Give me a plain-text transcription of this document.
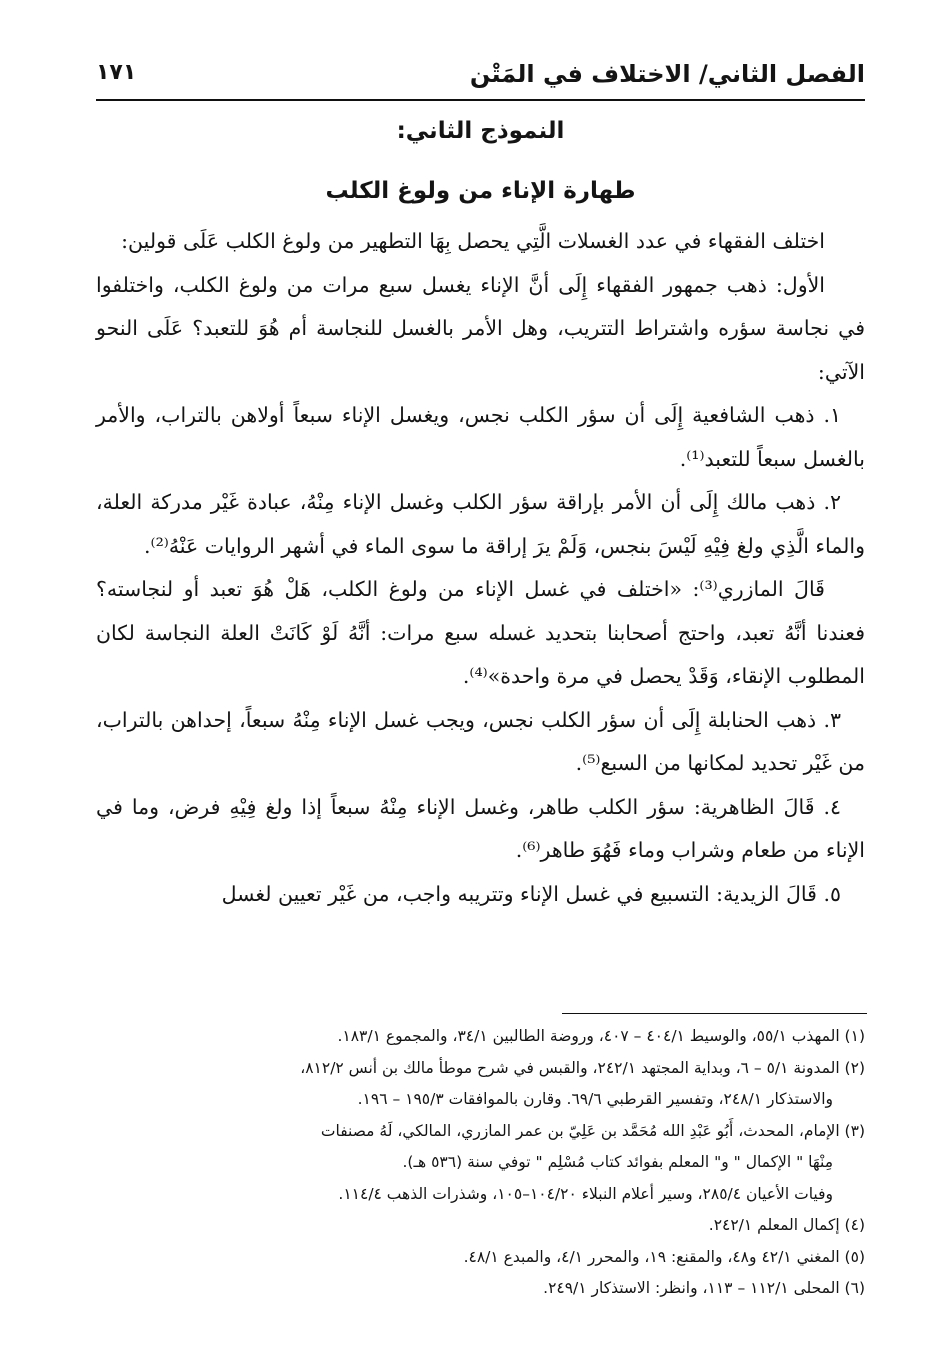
الفصل الثاني/ الاختلاف في المَتْن
١٧١
النموذج الثاني:
طهارة الإناء من ولوغ الكلب

اختلف الفقهاء في عدد الغسلات الَّتِي يحصل بِهَا التطهير من ولوغ الكلب عَلَى قولين:

الأول: ذهب جمهور الفقهاء إِلَى أنَّ الإناء يغسل سبع مرات من ولوغ الكلب، واختلفوا في نجاسة سؤره واشتراط التتريب، وهل الأمر بالغسل للنجاسة أم هُوَ للتعبد؟ عَلَى النحو الآتي:

١. ذهب الشافعية إِلَى أن سؤر الكلب نجس، ويغسل الإناء سبعاً أولاهن بالتراب، والأمر بالغسل سبعاً للتعبد⁽¹⁾.

٢. ذهب مالك إِلَى أن الأمر بإراقة سؤر الكلب وغسل الإناء مِنْهُ، عبادة غَيْر مدركة العلة، والماء الَّذِي ولغ فِيْهِ لَيْسَ بنجس، وَلَمْ يرَ إراقة ما سوى الماء في أشهر الروايات عَنْهُ⁽²⁾.

قَالَ المازري⁽³⁾: «اختلف في غسل الإناء من ولوغ الكلب، هَلْ هُوَ تعبد أو لنجاسته؟ فعندنا أنَّهُ تعبد، واحتج أصحابنا بتحديد غسله سبع مرات: أنَّهُ لَوْ كَانَتْ العلة النجاسة لكان المطلوب الإنقاء، وَقَدْ يحصل في مرة واحدة»⁽⁴⁾.

٣. ذهب الحنابلة إِلَى أن سؤر الكلب نجس، ويجب غسل الإناء مِنْهُ سبعاً، إحداهن بالتراب، من غَيْر تحديد لمكانها من السبع⁽⁵⁾.

٤. قَالَ الظاهرية: سؤر الكلب طاهر، وغسل الإناء مِنْهُ سبعاً إذا ولغ فِيْهِ فرض، وما في الإناء من طعام وشراب وماء فَهُوَ طاهر⁽⁶⁾.

٥. قَالَ الزيدية: التسبيع في غسل الإناء وتتريبه واجب، من غَيْر تعيين لغسل

(١) المهذب ٥٥/١، والوسيط ٤٠٤/١ – ٤٠٧، وروضة الطالبين ٣٤/١، والمجموع ١٨٣/١.

(٢) المدونة ٥/١ – ٦، وبداية المجتهد ٢٤٢/١، والقبس في شرح موطأ مالك بن أنس ٨١٢/٢،

والاستذكار ٢٤٨/١، وتفسير القرطبي ٦٩/٦. وقارن بالموافقات ١٩٥/٣ – ١٩٦.

(٣) الإمام، المحدث، أَبُو عَبْدِ الله مُحَمَّد بن عَلِيّ بن عمر المازري، المالكي، لَهُ مصنفات

مِنْهَا " الإكمال " و" المعلم بفوائد كتاب مُسْلِم " توفي سنة (٥٣٦ هـ).

وفيات الأعيان ٢٨٥/٤، وسير أعلام النبلاء ١٠٤/٢٠–١٠٥، وشذرات الذهب ١١٤/٤.

(٤) إكمال المعلم ٢٤٢/١.

(٥) المغني ٤٢/١ و٤٨، والمقنع: ١٩، والمحرر ٤/١، والمبدع ٤٨/١.

(٦) المحلى ١١٢/١ – ١١٣، وانظر: الاستذكار ٢٤٩/١.
